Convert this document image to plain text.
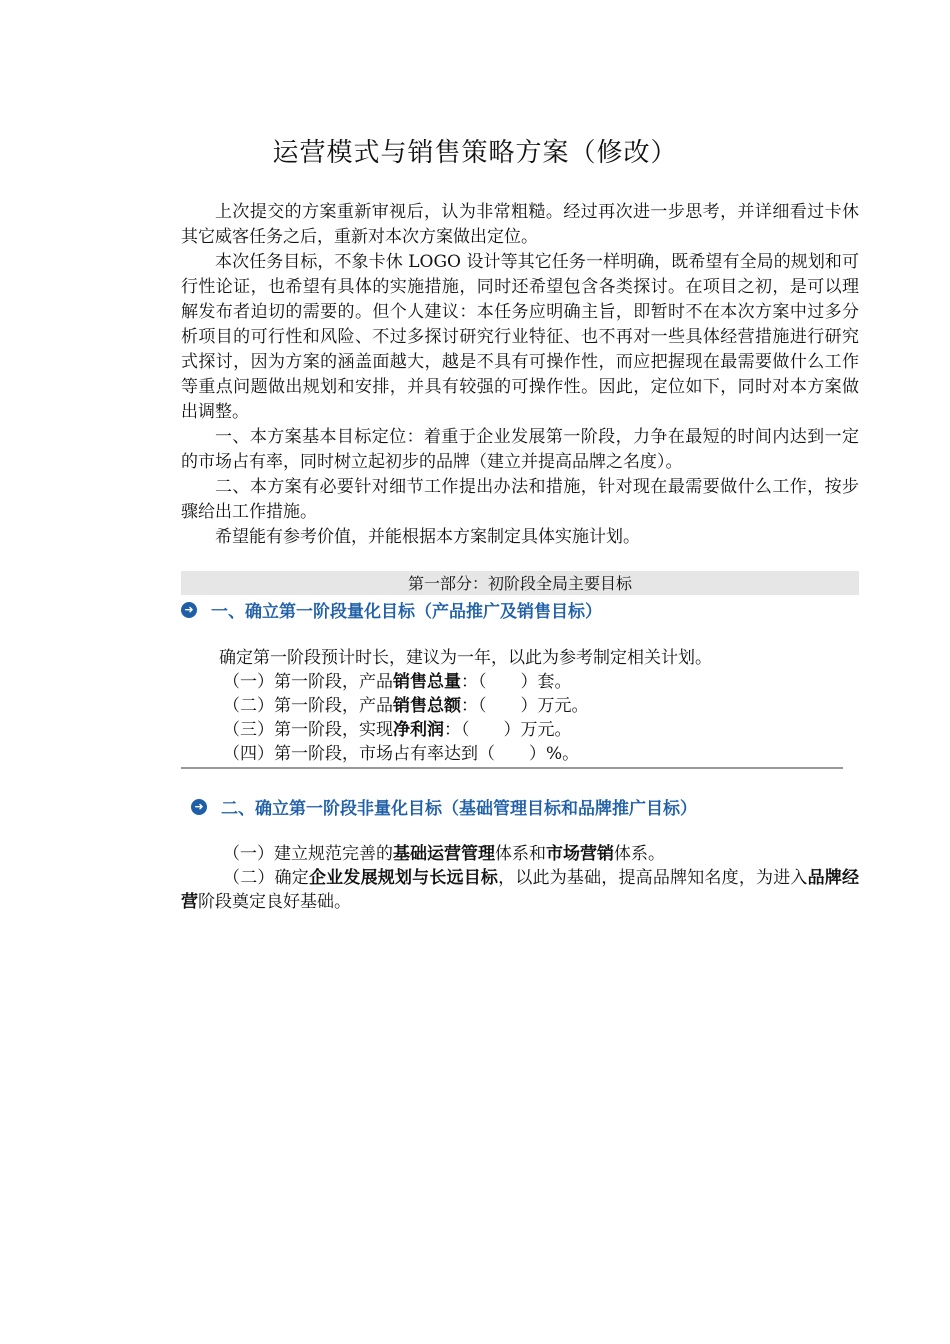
运营模式与销售策略方案（修改）

上次提交的方案重新审视后，认为非常粗糙。经过再次进一步思考，并详细看过卡休其它威客任务之后，重新对本次方案做出定位。

本次任务目标，不象卡休 LOGO 设计等其它任务一样明确，既希望有全局的规划和可行性论证，也希望有具体的实施措施，同时还希望包含各类探讨。在项目之初，是可以理解发布者迫切的需要的。但个人建议：本任务应明确主旨，即暂时不在本次方案中过多分析项目的可行性和风险、不过多探讨研究行业特征、也不再对一些具体经营措施进行研究式探讨，因为方案的涵盖面越大，越是不具有可操作性，而应把握现在最需要做什么工作等重点问题做出规划和安排，并具有较强的可操作性。因此，定位如下，同时对本方案做出调整。

一、本方案基本目标定位：着重于企业发展第一阶段，力争在最短的时间内达到一定的市场占有率，同时树立起初步的品牌（建立并提高品牌之名度）。

二、本方案有必要针对细节工作提出办法和措施，针对现在最需要做什么工作，按步骤给出工作措施。

希望能有参考价值，并能根据本方案制定具体实施计划。

第一部分：初阶段全局主要目标
➜ 一、确立第一阶段量化目标（产品推广及销售目标）
确定第一阶段预计时长，建议为一年，以此为参考制定相关计划。
（一）第一阶段，产品销售总量：（　　）套。
（二）第一阶段，产品销售总额：（　　）万元。
（三）第一阶段，实现净利润：（　　）万元。
（四）第一阶段，市场占有率达到（　　）%。
➜ 二、确立第一阶段非量化目标（基础管理目标和品牌推广目标）

（一）建立规范完善的基础运营管理体系和市场营销体系。

（二）确定企业发展规划与长远目标，以此为基础，提高品牌知名度，为进入品牌经营阶段奠定良好基础。
